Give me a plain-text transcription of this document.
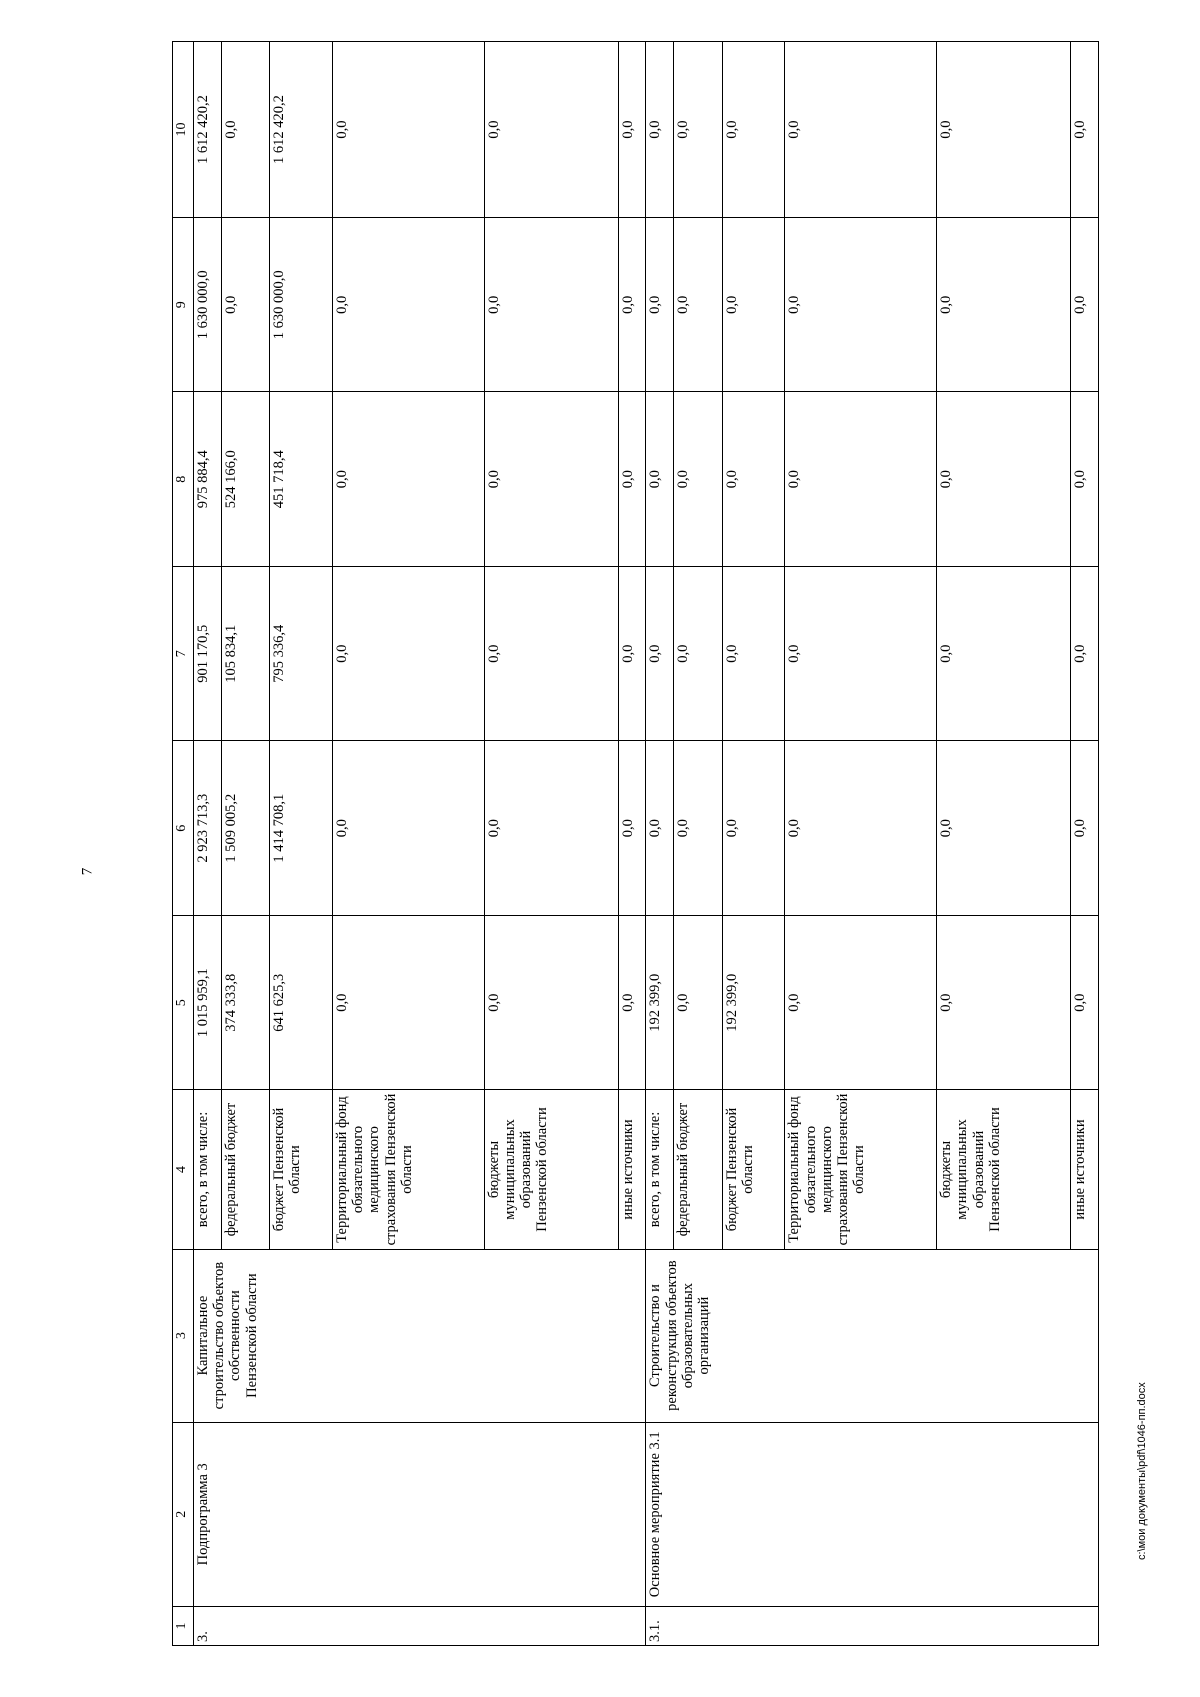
7
1	2	3	4	5	6	7	8	9	10
3.	Подпрограмма 3	Капитальное строительство объектов собственности Пензенской области	всего, в том числе:	1 015 959,1	2 923 713,3	901 170,5	975 884,4	1 630 000,0	1 612 420,2
			федеральный бюджет	374 333,8	1 509 005,2	105 834,1	524 166,0	0,0	0,0
			бюджет Пензенской области	641 625,3	1 414 708,1	795 336,4	451 718,4	1 630 000,0	1 612 420,2
			Территориальный фонд обязательного медицинского страхования Пензенской области	0,0	0,0	0,0	0,0	0,0	0,0
			бюджеты муниципальных образований Пензенской области	0,0	0,0	0,0	0,0	0,0	0,0
			иные источники	0,0	0,0	0,0	0,0	0,0	0,0
3.1.	Основное мероприятие 3.1	Строительство и реконструкция объектов образовательных организаций	всего, в том числе:	192 399,0	0,0	0,0	0,0	0,0	0,0
			федеральный бюджет	0,0	0,0	0,0	0,0	0,0	0,0
			бюджет Пензенской области	192 399,0	0,0	0,0	0,0	0,0	0,0
			Территориальный фонд обязательного медицинского страхования Пензенской области	0,0	0,0	0,0	0,0	0,0	0,0
			бюджеты муниципальных образований Пензенской области	0,0	0,0	0,0	0,0	0,0	0,0
			иные источники	0,0	0,0	0,0	0,0	0,0	0,0
c:\мои документы\pdf\1046-пп.docx
